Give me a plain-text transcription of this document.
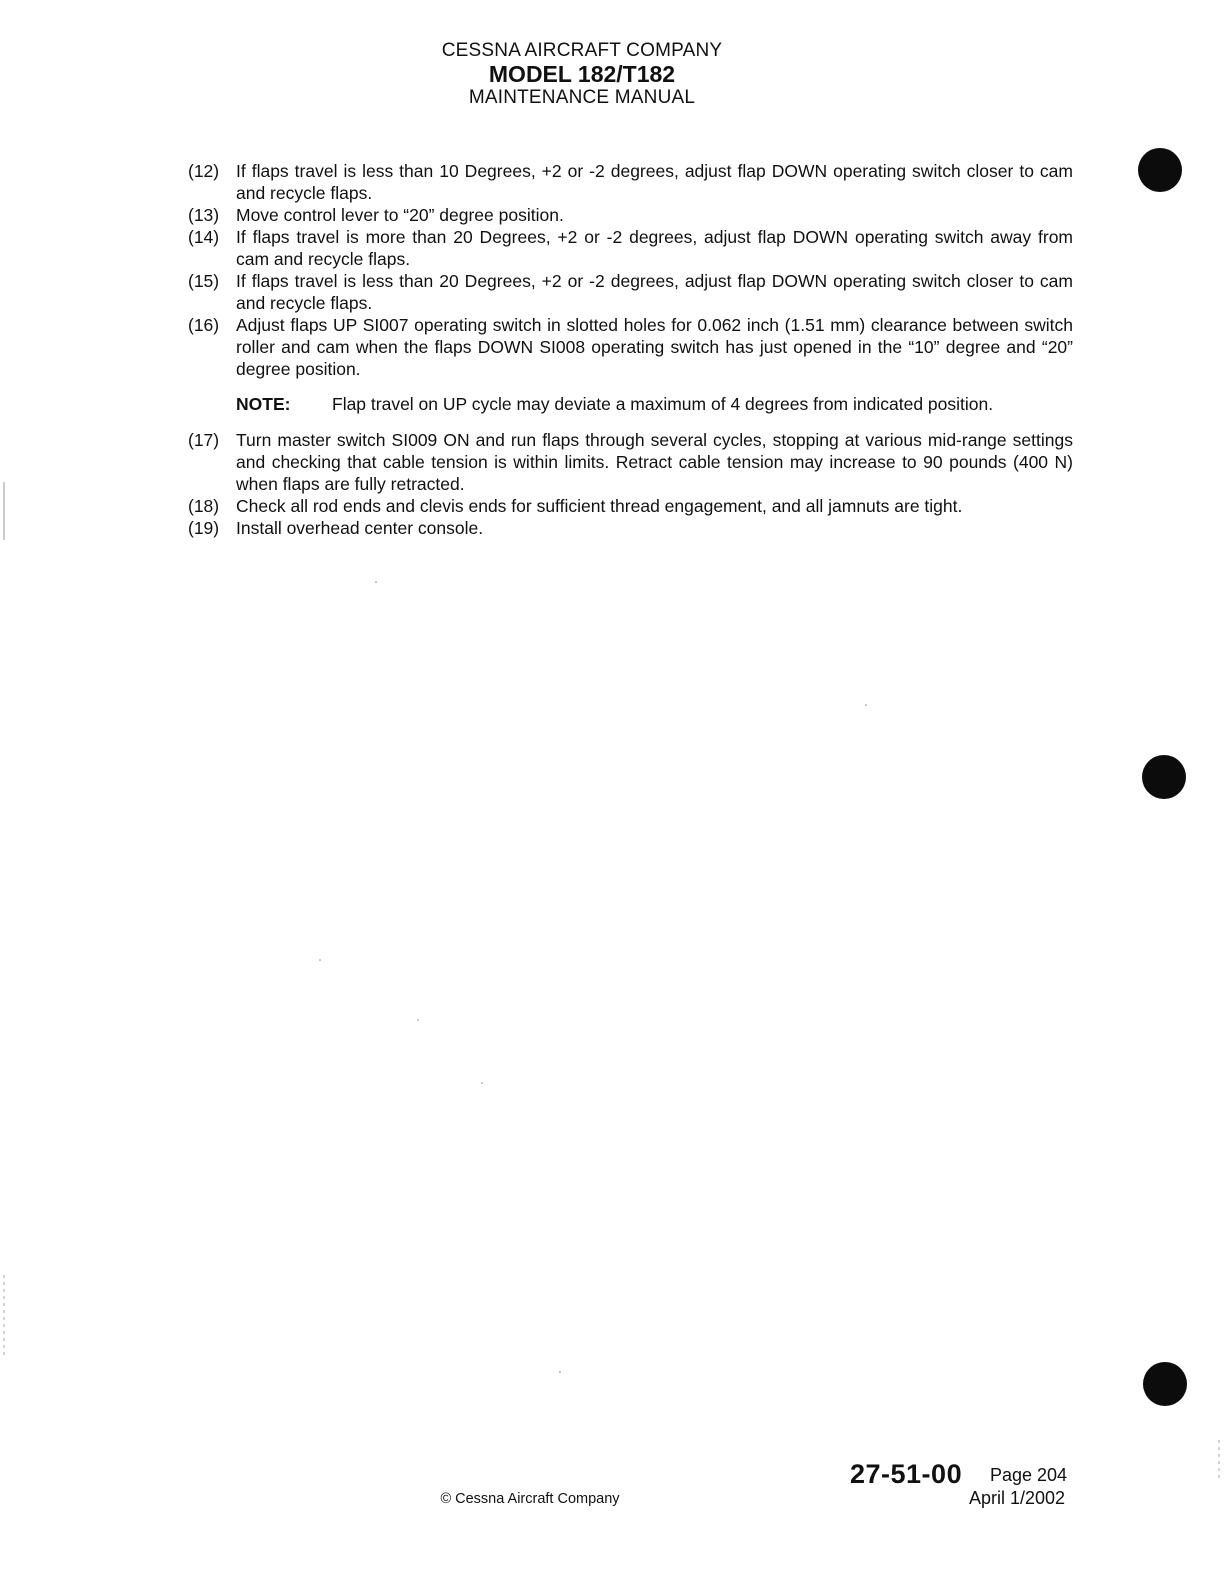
CESSNA AIRCRAFT COMPANY
MODEL 182/T182
MAINTENANCE MANUAL
(12) If flaps travel is less than 10 Degrees, +2 or -2 degrees, adjust flap DOWN operating switch closer to cam and recycle flaps.
(13) Move control lever to “20” degree position.
(14) If flaps travel is more than 20 Degrees, +2 or -2 degrees, adjust flap DOWN operating switch away from cam and recycle flaps.
(15) If flaps travel is less than 20 Degrees, +2 or -2 degrees, adjust flap DOWN operating switch closer to cam and recycle flaps.
(16) Adjust flaps UP SI007 operating switch in slotted holes for 0.062 inch (1.51 mm) clearance between switch roller and cam when the flaps DOWN SI008 operating switch has just opened in the “10” degree and “20” degree position.
NOTE:	Flap travel on UP cycle may deviate a maximum of 4 degrees from indicated position.
(17) Turn master switch SI009 ON and run flaps through several cycles, stopping at various mid-range settings and checking that cable tension is within limits. Retract cable tension may increase to 90 pounds (400 N) when flaps are fully retracted.
(18) Check all rod ends and clevis ends for sufficient thread engagement, and all jamnuts are tight.
(19) Install overhead center console.
27-51-00 Page 204
April 1/2002
© Cessna Aircraft Company
